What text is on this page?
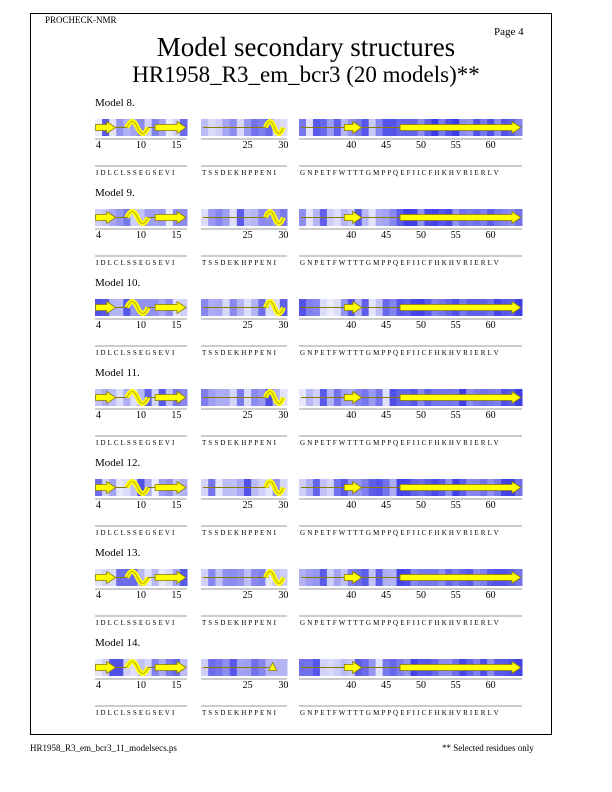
PROCHECK-NMR
Page 4
Model secondary structures
HR1958_R3_em_bcr3 (20 models)**
Model 8.
4	10	15
I D L C L S S E G S E V I
25	30
T S S D E K H P P E N I
40 45 50 55 60
G N P E T F W T T T G M P P Q E F I I C F H K H V R I E R L V
Model 9.
4	10	15
I D L C L S S E G S E V I
25	30
T S S D E K H P P E N I
40 45 50 55 60
G N P E T F W T T T G M P P Q E F I I C F H K H V R I E R L V
Model 10.
4	10	15
I D L C L S S E G S E V I
25	30
T S S D E K H P P E N I
40 45 50 55 60
G N P E T F W T T T G M P P Q E F I I C F H K H V R I E R L V
Model 11.
4	10	15
I D L C L S S E G S E V I
25	30
T S S D E K H P P E N I
40 45 50 55 60
G N P E T F W T T T G M P P Q E F I I C F H K H V R I E R L V
Model 12.
4	10	15
I D L C L S S E G S E V I
25	30
T S S D E K H P P E N I
40 45 50 55 60
G N P E T F W T T T G M P P Q E F I I C F H K H V R I E R L V
Model 13.
4	10	15
I D L C L S S E G S E V I
25	30
T S S D E K H P P E N I
40 45 50 55 60
G N P E T F W T T T G M P P Q E F I I C F H K H V R I E R L V
Model 14.
4	10	15
I D L C L S S E G S E V I
25	30
T S S D E K H P P E N I
40 45 50 55 60
G N P E T F W T T T G M P P Q E F I I C F H K H V R I E R L V
HR1958_R3_em_bcr3_11_modelsecs.ps	** Selected residues only
